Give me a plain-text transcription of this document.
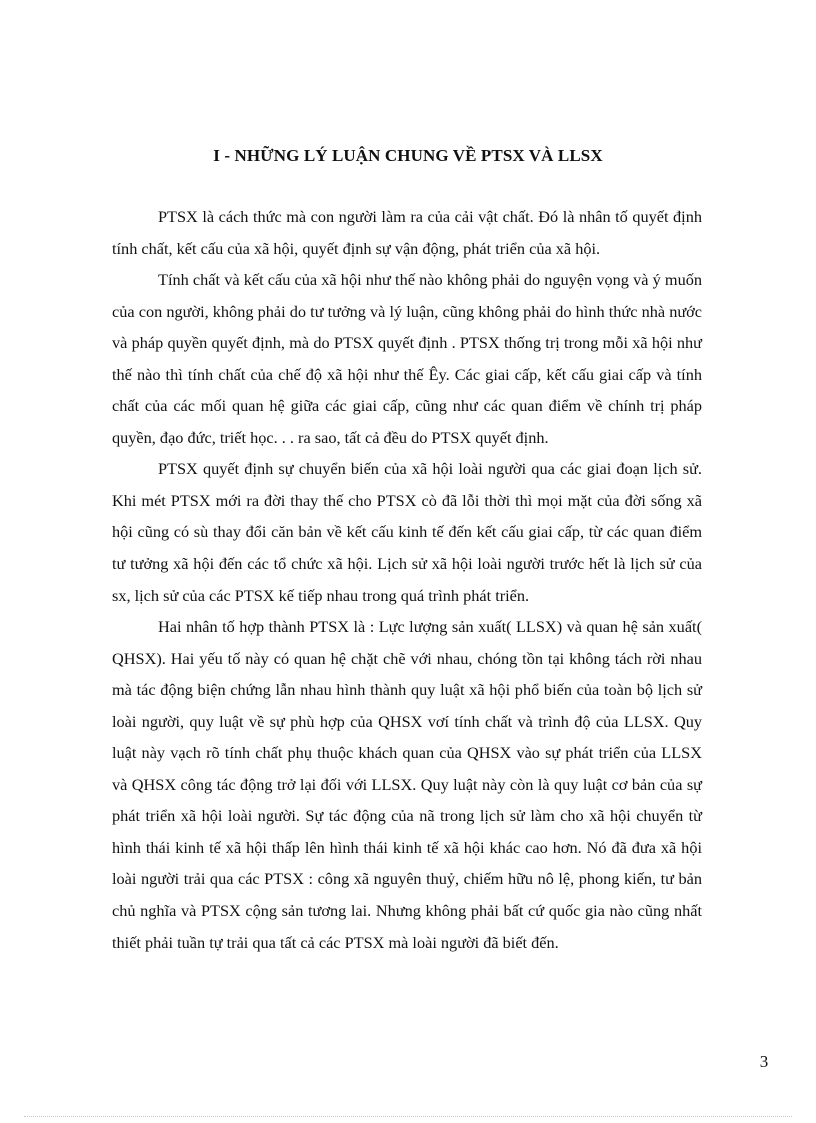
I - NHỮNG LÝ LUẬN CHUNG VỀ PTSX VÀ LLSX

PTSX là cách thức mà con người làm ra của cải vật chất. Đó là nhân tố quyết định tính chất, kết cấu của xã hội, quyết định sự vận động, phát triển của xã hội.

Tính chất và kết cấu của xã hội như thế nào không phải do nguyện vọng và ý muốn của con người, không phải do tư tưởng và lý luận, cũng không phải do hình thức nhà nước và pháp quyền quyết định, mà do PTSX quyết định . PTSX thống trị trong mỗi xã hội như thế nào thì tính chất của chế độ xã hội như thế Êy. Các giai cấp, kết cấu giai cấp và tính chất của các mối quan hệ giữa các giai cấp, cũng như các quan điểm về chính trị pháp quyền, đạo đức, triết học. . . ra sao, tất cả đều do PTSX quyết định.

PTSX quyết định sự chuyển biến của xã hội loài người qua các giai đoạn lịch sử. Khi mét PTSX mới ra đời thay thế cho PTSX cò đã lỗi thời thì mọi mặt của đời sống xã hội cũng có sù thay đổi căn bản về kết cấu kinh tế đến kết cấu giai cấp, từ các quan điểm tư tưởng xã hội đến các tổ chức xã hội. Lịch sử xã hội loài người trước hết là lịch sử của sx, lịch sử của các PTSX kế tiếp nhau trong quá trình phát triển.

Hai nhân tố hợp thành PTSX là : Lực lượng sản xuất( LLSX) và quan hệ sản xuất( QHSX). Hai yếu tố này có quan hệ chặt chẽ với nhau, chóng tồn tại không tách rời nhau mà tác động biện chứng lẫn nhau hình thành quy luật xã hội phổ biến của toàn bộ lịch sử loài người, quy luật về sự phù hợp của QHSX vơí tính chất và trình độ của LLSX. Quy luật này vạch rõ tính chất phụ thuộc khách quan của QHSX vào sự phát triển của LLSX và QHSX công tác động trở lại đối với LLSX. Quy luật này còn là quy luật cơ bản của sự phát triển xã hội loài người. Sự tác động của nã trong lịch sử làm cho xã hội chuyển từ hình thái kinh tế xã hội thấp lên hình thái kinh tế xã hội khác cao hơn. Nó đã đưa xã hội loài người trải qua các PTSX : công xã nguyên thuỷ, chiếm hữu nô lệ, phong kiến, tư bản chủ nghĩa và PTSX cộng sản tương lai. Nhưng không phải bất cứ quốc gia nào cũng nhất thiết phải tuần tự trải qua tất cả các PTSX mà loài người đã biết đến.

3
